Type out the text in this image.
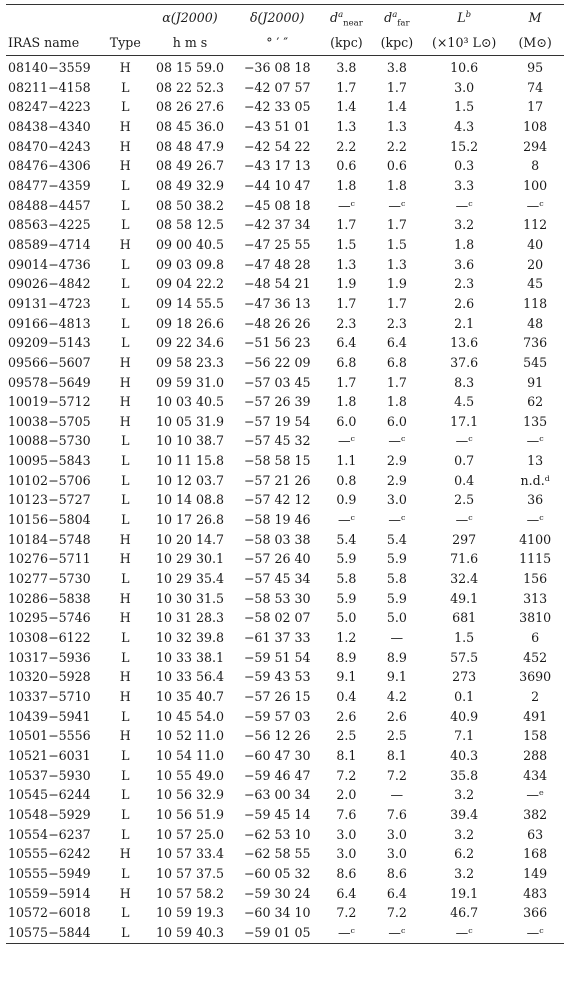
		α(J2000)	δ(J2000)	$d^a_{near}$	$d^a_{far}$	$L^b$	M
IRAS name	Type	h m s	° ′ ″	(kpc)	(kpc)	(×10³ L⊙)	(M⊙)
08140−3559	H	08 15 59.0	−36 08 18	3.8	3.8	10.6	95
08211−4158	L	08 22 52.3	−42 07 57	1.7	1.7	3.0	74
08247−4223	L	08 26 27.6	−42 33 05	1.4	1.4	1.5	17
08438−4340	H	08 45 36.0	−43 51 01	1.3	1.3	4.3	108
08470−4243	H	08 48 47.9	−42 54 22	2.2	2.2	15.2	294
08476−4306	H	08 49 26.7	−43 17 13	0.6	0.6	0.3	8
08477−4359	L	08 49 32.9	−44 10 47	1.8	1.8	3.3	100
08488−4457	L	08 50 38.2	−45 08 18	—ᶜ	—ᶜ	—ᶜ	—ᶜ
08563−4225	L	08 58 12.5	−42 37 34	1.7	1.7	3.2	112
08589−4714	H	09 00 40.5	−47 25 55	1.5	1.5	1.8	40
09014−4736	L	09 03 09.8	−47 48 28	1.3	1.3	3.6	20
09026−4842	L	09 04 22.2	−48 54 21	1.9	1.9	2.3	45
09131−4723	L	09 14 55.5	−47 36 13	1.7	1.7	2.6	118
09166−4813	L	09 18 26.6	−48 26 26	2.3	2.3	2.1	48
09209−5143	L	09 22 34.6	−51 56 23	6.4	6.4	13.6	736
09566−5607	H	09 58 23.3	−56 22 09	6.8	6.8	37.6	545
09578−5649	H	09 59 31.0	−57 03 45	1.7	1.7	8.3	91
10019−5712	H	10 03 40.5	−57 26 39	1.8	1.8	4.5	62
10038−5705	H	10 05 31.9	−57 19 54	6.0	6.0	17.1	135
10088−5730	L	10 10 38.7	−57 45 32	—ᶜ	—ᶜ	—ᶜ	—ᶜ
10095−5843	L	10 11 15.8	−58 58 15	1.1	2.9	0.7	13
10102−5706	L	10 12 03.7	−57 21 26	0.8	2.9	0.4	n.d.ᵈ
10123−5727	L	10 14 08.8	−57 42 12	0.9	3.0	2.5	36
10156−5804	L	10 17 26.8	−58 19 46	—ᶜ	—ᶜ	—ᶜ	—ᶜ
10184−5748	H	10 20 14.7	−58 03 38	5.4	5.4	297	4100
10276−5711	H	10 29 30.1	−57 26 40	5.9	5.9	71.6	1115
10277−5730	L	10 29 35.4	−57 45 34	5.8	5.8	32.4	156
10286−5838	H	10 30 31.5	−58 53 30	5.9	5.9	49.1	313
10295−5746	H	10 31 28.3	−58 02 07	5.0	5.0	681	3810
10308−6122	L	10 32 39.8	−61 37 33	1.2	—	1.5	6
10317−5936	L	10 33 38.1	−59 51 54	8.9	8.9	57.5	452
10320−5928	H	10 33 56.4	−59 43 53	9.1	9.1	273	3690
10337−5710	H	10 35 40.7	−57 26 15	0.4	4.2	0.1	2
10439−5941	L	10 45 54.0	−59 57 03	2.6	2.6	40.9	491
10501−5556	H	10 52 11.0	−56 12 26	2.5	2.5	7.1	158
10521−6031	L	10 54 11.0	−60 47 30	8.1	8.1	40.3	288
10537−5930	L	10 55 49.0	−59 46 47	7.2	7.2	35.8	434
10545−6244	L	10 56 32.9	−63 00 34	2.0	—	3.2	—ᵉ
10548−5929	L	10 56 51.9	−59 45 14	7.6	7.6	39.4	382
10554−6237	L	10 57 25.0	−62 53 10	3.0	3.0	3.2	63
10555−6242	H	10 57 33.4	−62 58 55	3.0	3.0	6.2	168
10555−5949	L	10 57 37.5	−60 05 32	8.6	8.6	3.2	149
10559−5914	H	10 57 58.2	−59 30 24	6.4	6.4	19.1	483
10572−6018	L	10 59 19.3	−60 34 10	7.2	7.2	46.7	366
10575−5844	L	10 59 40.3	−59 01 05	—ᶜ	—ᶜ	—ᶜ	—ᶜ
